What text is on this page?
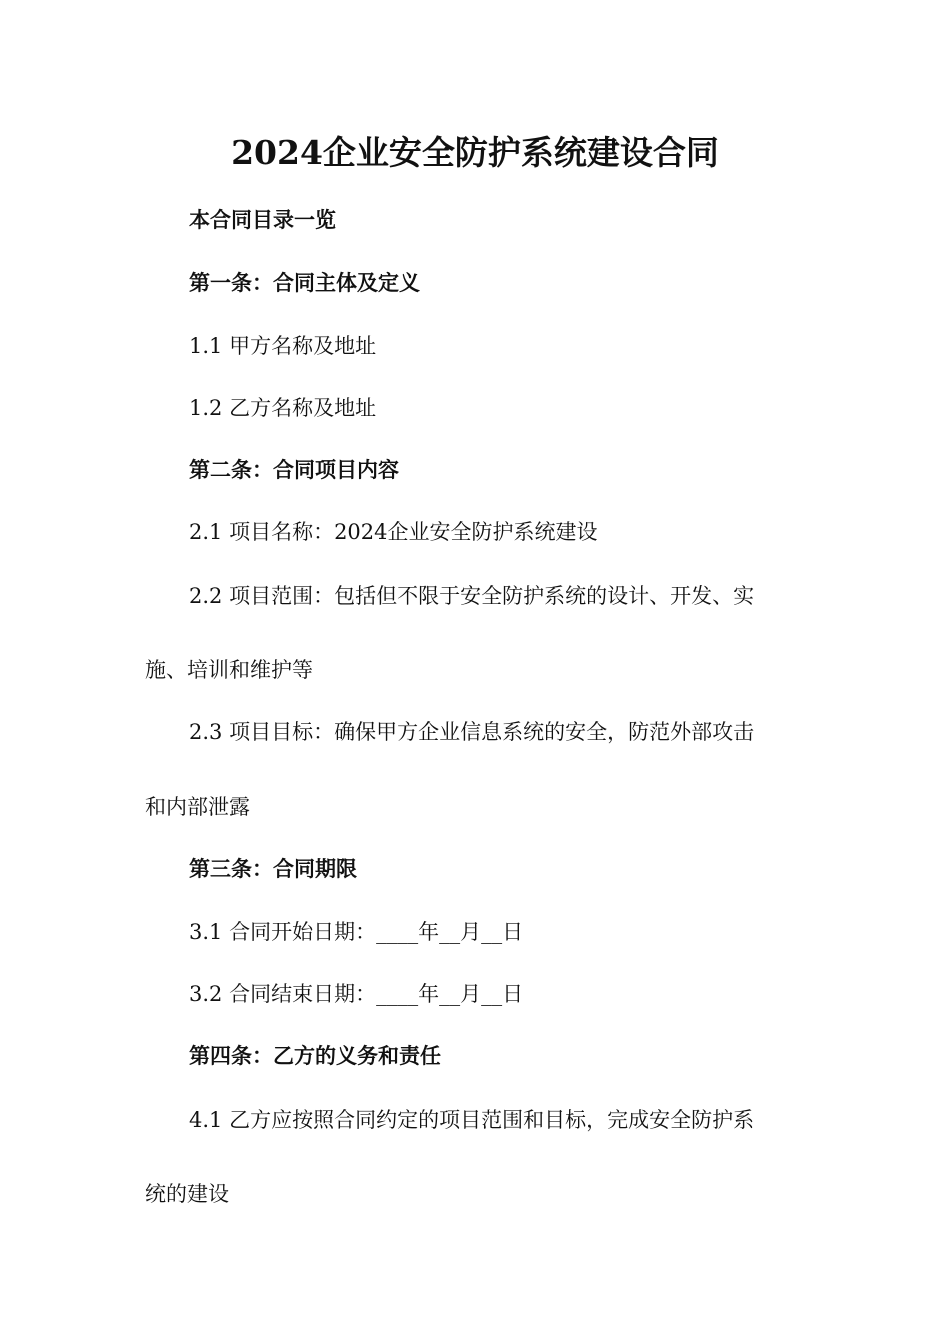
2024企业安全防护系统建设合同
本合同目录一览
第一条：合同主体及定义
1.1 甲方名称及地址
1.2 乙方名称及地址
第二条：合同项目内容
2.1 项目名称：2024企业安全防护系统建设
2.2 项目范围：包括但不限于安全防护系统的设计、开发、实
施、培训和维护等
2.3 项目目标：确保甲方企业信息系统的安全，防范外部攻击
和内部泄露
第三条：合同期限
3.1 合同开始日期：____年__月__日
3.2 合同结束日期：____年__月__日
第四条：乙方的义务和责任
4.1 乙方应按照合同约定的项目范围和目标，完成安全防护系
统的建设
